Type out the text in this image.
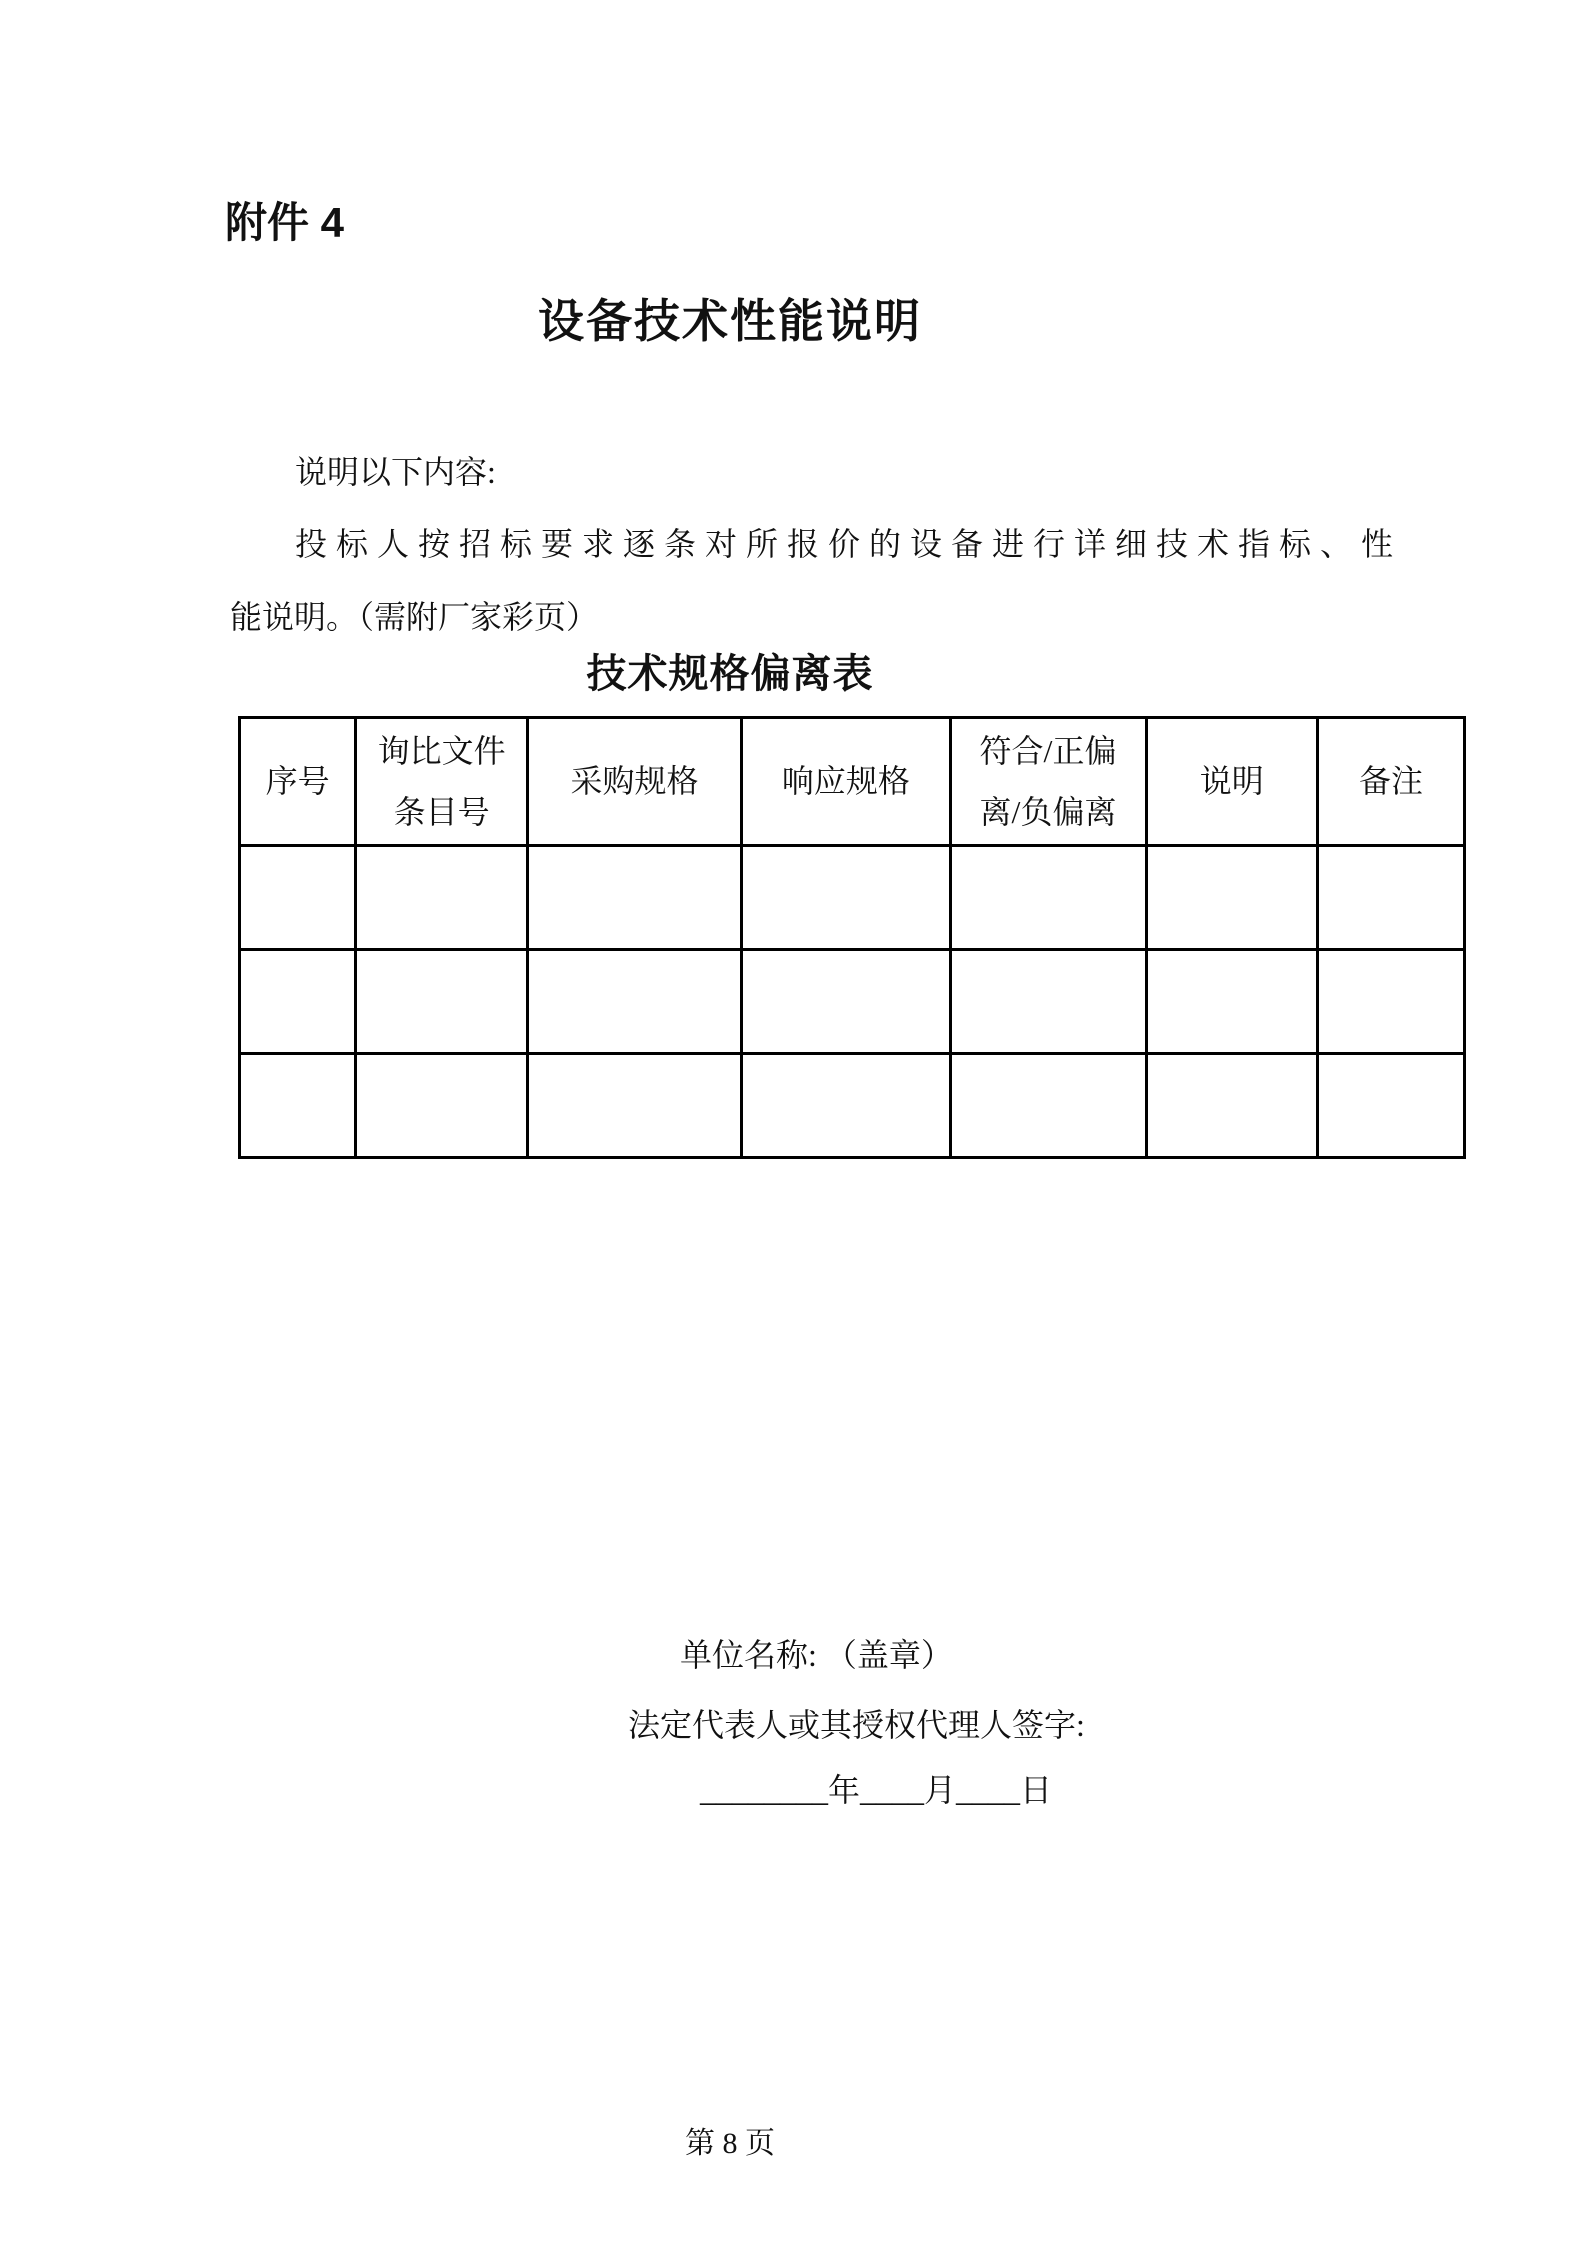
附件 4
设备技术性能说明
说明以下内容:
投标人按招标要求逐条对所报价的设备进行详细技术指标、性
能说明。（需附厂家彩页）
技术规格偏离表
序号	询比文件条目号	采购规格	响应规格	符合/正偏离/负偏离	说明	备注

单位名称: （盖章）
法定代表人或其授权代理人签字:
________年____月____日
第 8 页
